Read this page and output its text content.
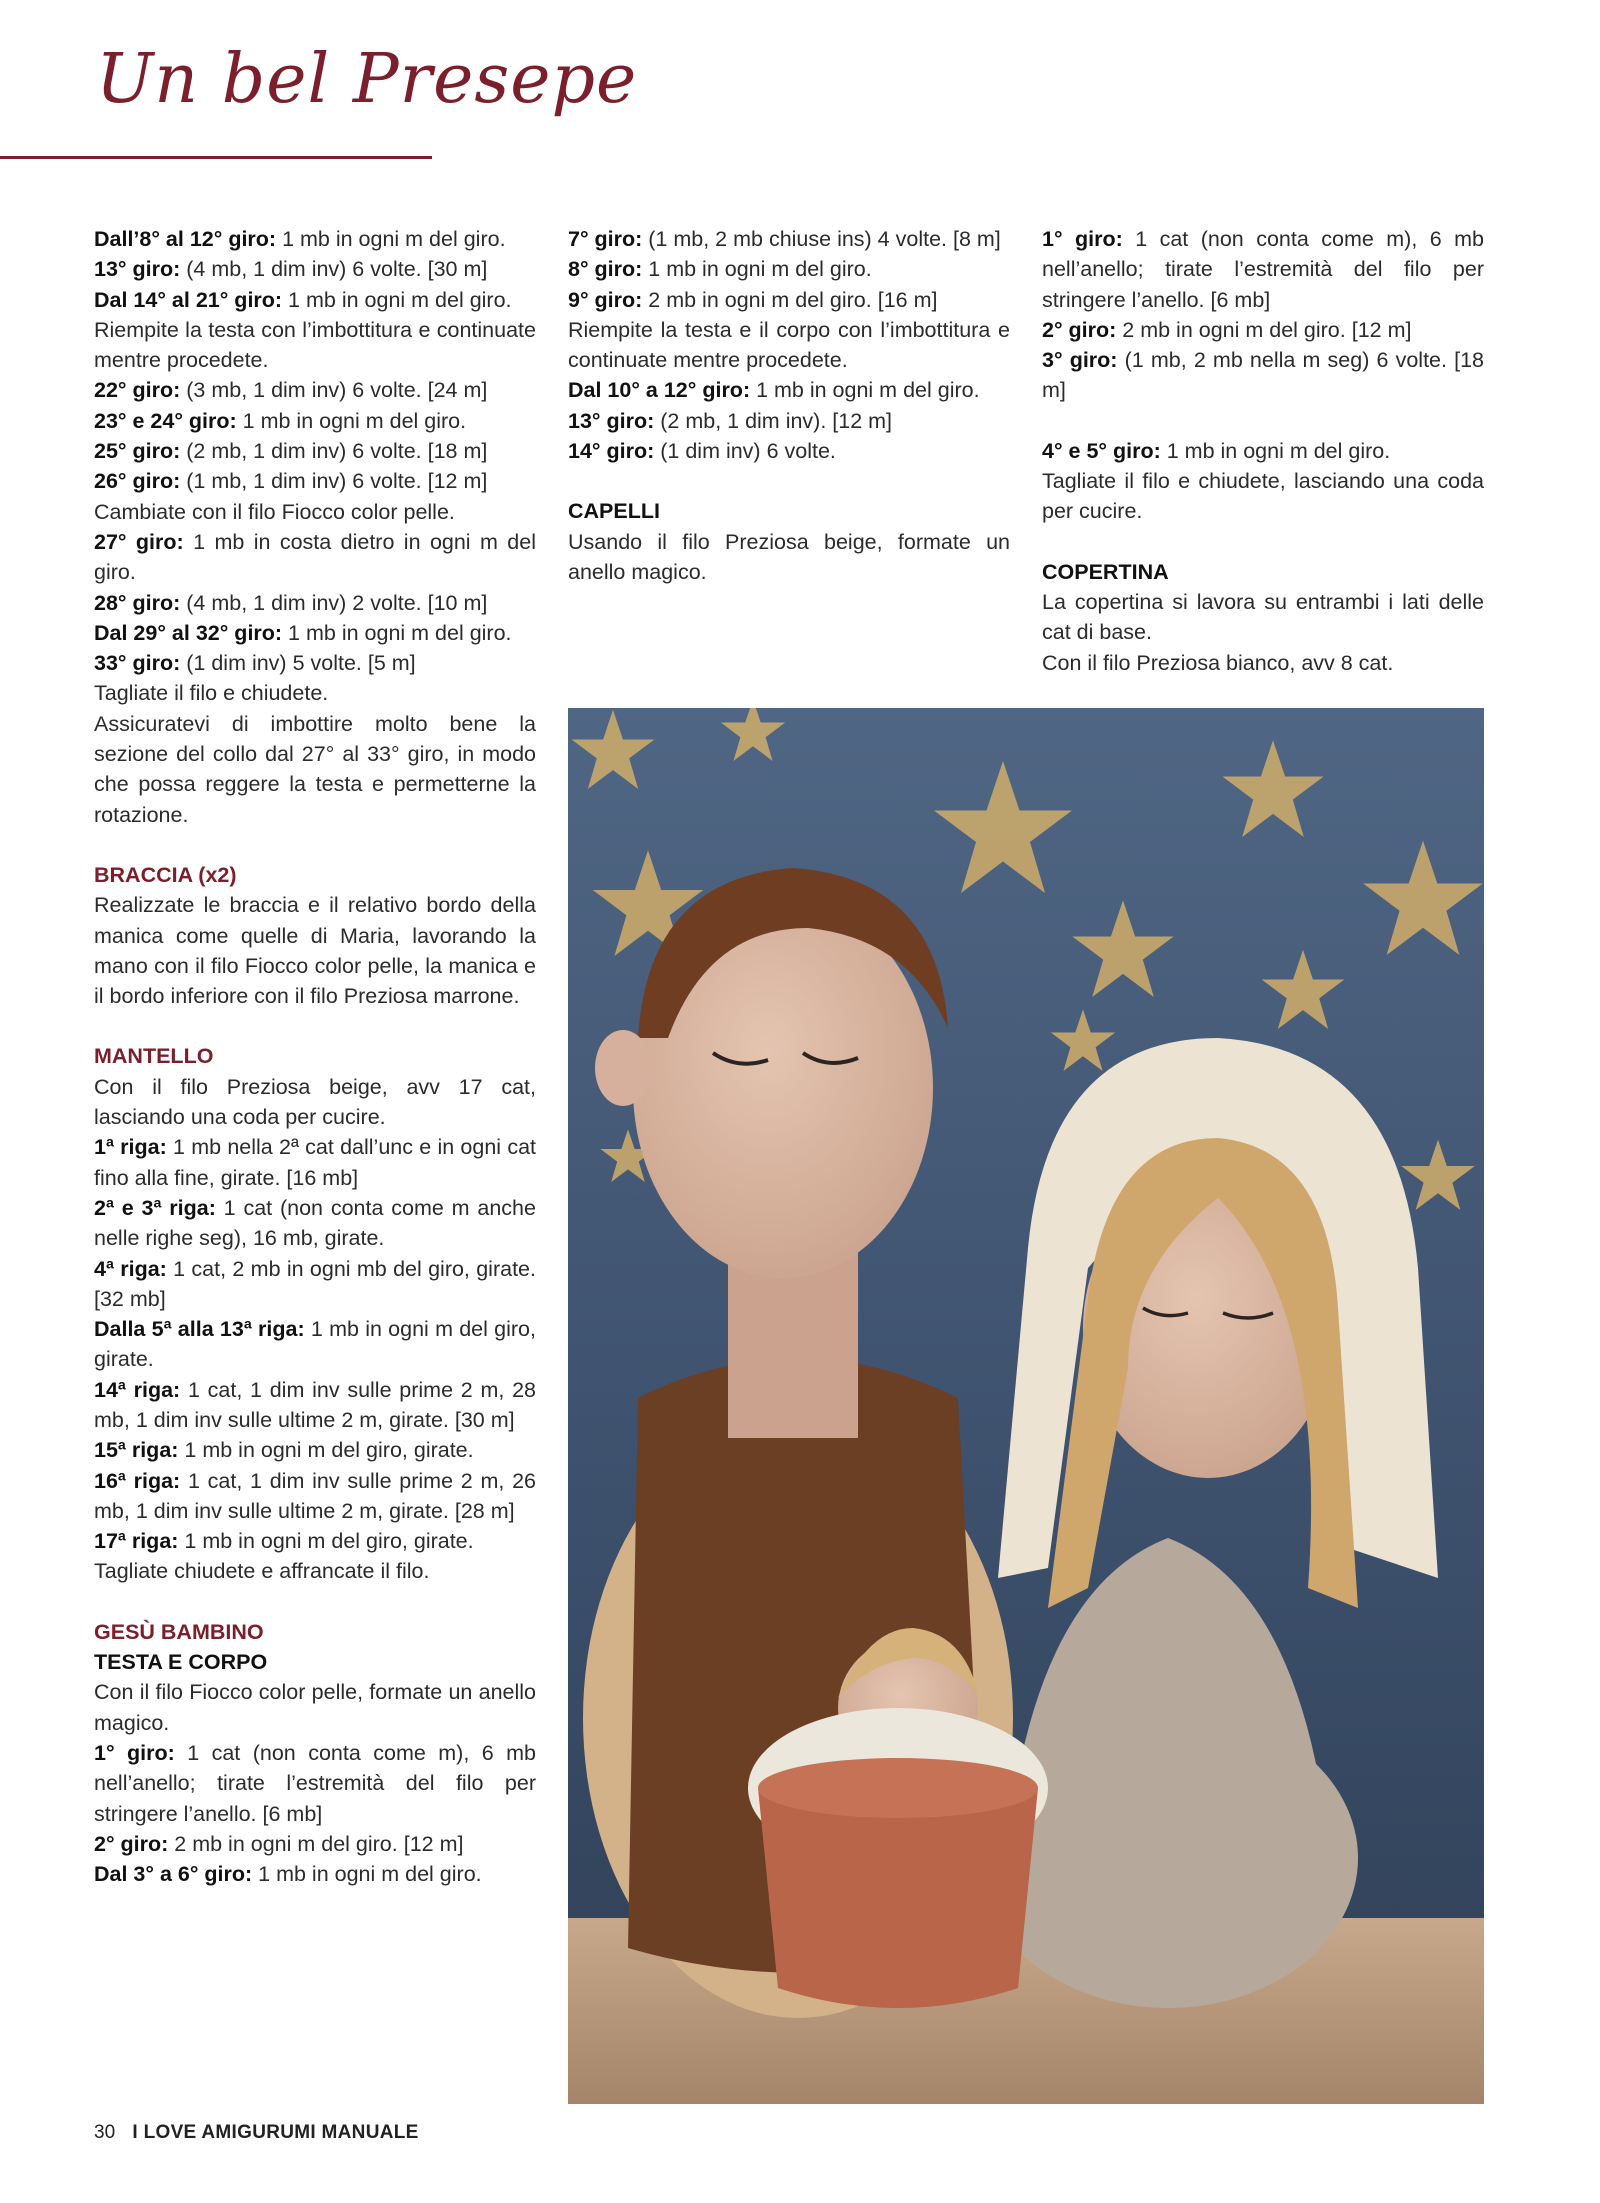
Un bel Presepe

Dall’8° al 12° giro: 1 mb in ogni m del giro.

13° giro: (4 mb, 1 dim inv) 6 volte. [30 m]

Dal 14° al 21° giro: 1 mb in ogni m del giro.

Riempite la testa con l’imbottitura e continuate mentre procedete.

22° giro: (3 mb, 1 dim inv) 6 volte. [24 m]

23° e 24° giro: 1 mb in ogni m del giro.

25° giro: (2 mb, 1 dim inv) 6 volte. [18 m]

26° giro: (1 mb, 1 dim inv) 6 volte. [12 m]

Cambiate con il filo Fiocco color pelle.

27° giro: 1 mb in costa dietro in ogni m del giro.

28° giro: (4 mb, 1 dim inv) 2 volte. [10 m]

Dal 29° al 32° giro: 1 mb in ogni m del giro.

33° giro: (1 dim inv) 5 volte. [5 m]

Tagliate il filo e chiudete.

Assicuratevi di imbottire molto bene la sezione del collo dal 27° al 33° giro, in modo che possa reggere la testa e permetterne la rotazione.

BRACCIA (x2)

Realizzate le braccia e il relativo bordo della manica come quelle di Maria, lavorando la mano con il filo Fiocco color pelle, la manica e il bordo inferiore con il filo Preziosa marrone.

MANTELLO

Con il filo Preziosa beige, avv 17 cat, lasciando una coda per cucire.

1ª riga: 1 mb nella 2ª cat dall’unc e in ogni cat fino alla fine, girate. [16 mb]

2ª e 3ª riga: 1 cat (non conta come m anche nelle righe seg), 16 mb, girate.

4ª riga: 1 cat, 2 mb in ogni mb del giro, girate. [32 mb]

Dalla 5ª alla 13ª riga: 1 mb in ogni m del giro, girate.

14ª riga: 1 cat, 1 dim inv sulle prime 2 m, 28 mb, 1 dim inv sulle ultime 2 m, girate. [30 m]

15ª riga: 1 mb in ogni m del giro, girate.

16ª riga: 1 cat, 1 dim inv sulle prime 2 m, 26 mb, 1 dim inv sulle ultime 2 m, girate. [28 m]

17ª riga: 1 mb in ogni m del giro, girate.

Tagliate chiudete e affrancate il filo.

GESÙ BAMBINO

TESTA E CORPO

Con il filo Fiocco color pelle, formate un anello magico.

1° giro: 1 cat (non conta come m), 6 mb nell’anello; tirate l’estremità del filo per stringere l’anello. [6 mb]

2° giro: 2 mb in ogni m del giro. [12 m]

Dal 3° a 6° giro: 1 mb in ogni m del giro.

7° giro: (1 mb, 2 mb chiuse ins) 4 volte. [8 m]

8° giro: 1 mb in ogni m del giro.

9° giro: 2 mb in ogni m del giro. [16 m]

Riempite la testa e il corpo con l’imbottitura e continuate mentre procedete.

Dal 10° a 12° giro: 1 mb in ogni m del giro.

13° giro: (2 mb, 1 dim inv). [12 m]

14° giro: (1 dim inv) 6 volte.

CAPELLI

Usando il filo Preziosa beige, formate un anello magico.

1° giro: 1 cat (non conta come m), 6 mb nell’anello; tirate l’estremità del filo per stringere l’anello. [6 mb]

2° giro: 2 mb in ogni m del giro. [12 m]

3° giro: (1 mb, 2 mb nella m seg) 6 volte. [18 m]

4° e 5° giro: 1 mb in ogni m del giro.

Tagliate il filo e chiudete, lasciando una coda per cucire.

COPERTINA

La copertina si lavora su entrambi i lati delle cat di base.

Con il filo Preziosa bianco, avv 8 cat.

30 I LOVE AMIGURUMI MANUALE
